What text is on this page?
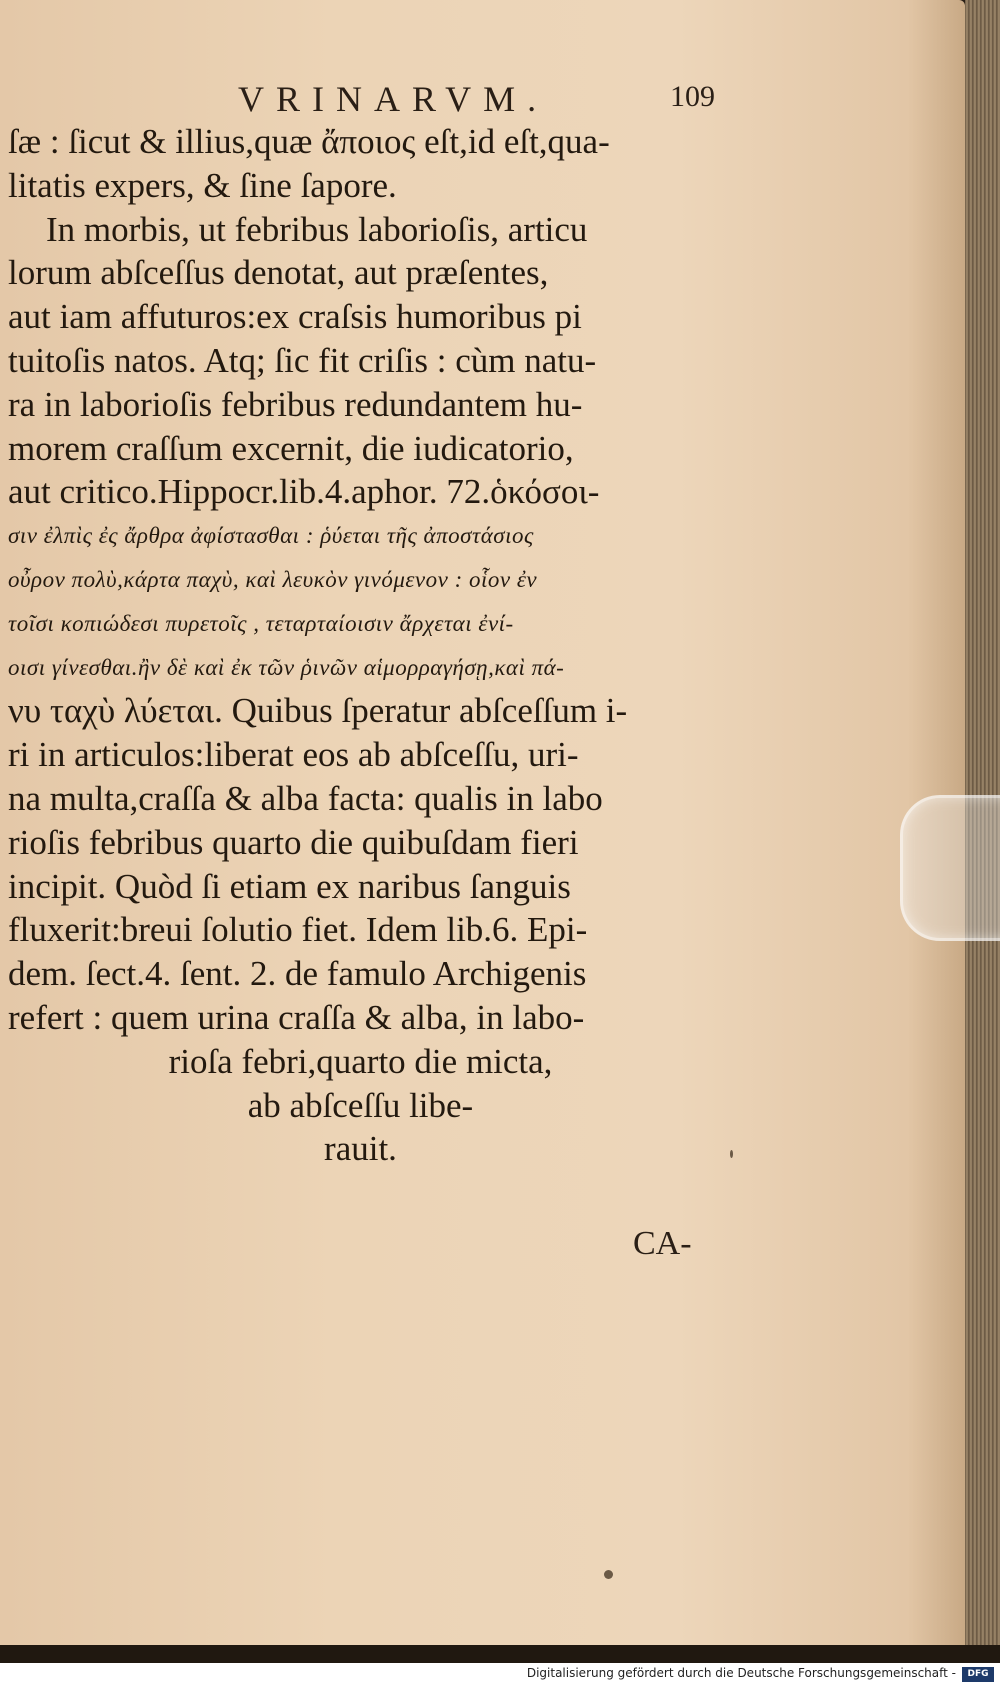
VRINARVM.	109
ſæ : ſicut & illius,quæ ἄποιος eſt,id eſt,qua-
litatis expers, & ſine ſapore.
In morbis, ut febribus laborioſis, articu
lorum abſceſſus denotat, aut præſentes,
aut iam affuturos:ex craſsis humoribus pi
tuitoſis natos. Atq; ſic fit criſis : cùm natu-
ra in laborioſis febribus redundantem hu-
morem craſſum excernit, die iudicatorio,
aut critico.Hippocr.lib.4.aphor. 72.ὁκόσοι-
σιν ἐλπὶς ἐς ἄρθρα ἀφίστασθαι : ῥύεται τῆς ἀποστάσιος
οὖρον πολὺ,κάρτα παχὺ, καὶ λευκὸν γινόμενον : οἷον ἐν
τοῖσι κοπιώδεσι πυρετοῖς , τεταρταίοισιν ἄρχεται ἐνί-
οισι γίνεσθαι.ἢν δὲ καὶ ἐκ τῶν ῥινῶν αἱμορραγήσῃ,καὶ πά-
νυ ταχὺ λύεται. Quibus ſperatur abſceſſum i-
ri in articulos:liberat eos ab abſceſſu, uri-
na multa,craſſa & alba facta: qualis in labo
rioſis febribus quarto die quibuſdam fieri
incipit. Quòd ſi etiam ex naribus ſanguis
fluxerit:breui ſolutio fiet. Idem lib.6. Epi-
dem. ſect.4. ſent. 2. de famulo Archigenis
refert : quem urina craſſa & alba, in labo-
rioſa febri,quarto die micta,
ab abſceſſu libe-
rauit.
CA-
Digitalisierung gefördert durch die Deutsche Forschungsgemeinschaft -	DFG
